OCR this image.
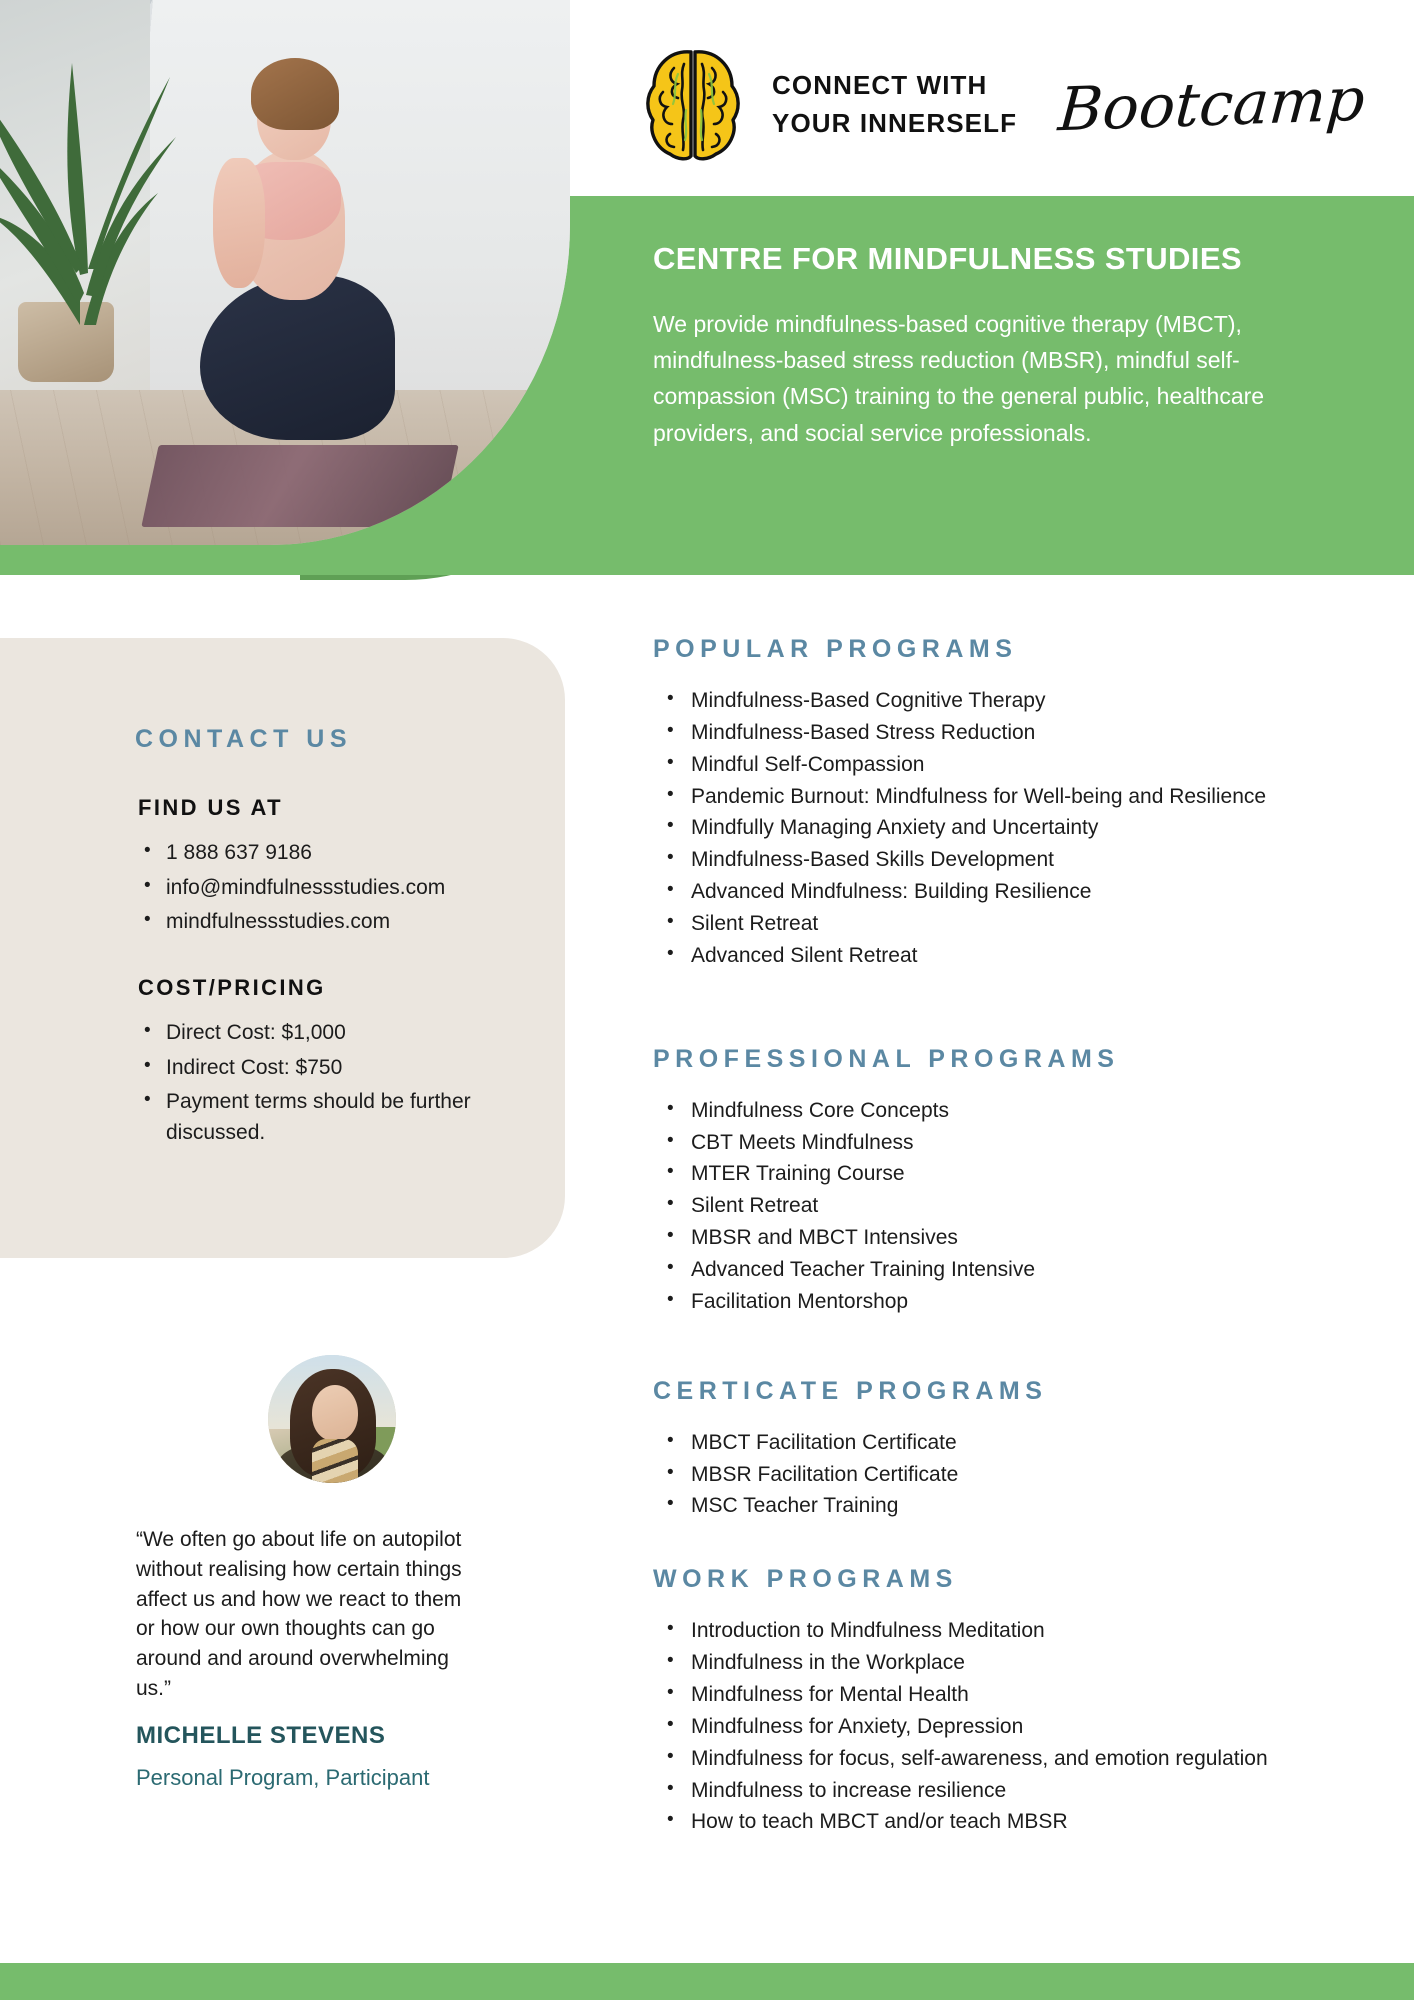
CONNECT WITH
YOUR INNERSELF Bootcamp
CENTRE FOR MINDFULNESS STUDIES
We provide mindfulness-based cognitive therapy (MBCT), mindfulness-based stress reduction (MBSR), mindful self-compassion (MSC) training to the general public, healthcare providers, and social service professionals.
CONTACT US
FIND US AT
• 1 888 637 9186
• info@mindfulnessstudies.com
• mindfulnessstudies.com
COST/PRICING
• Direct Cost: $1,000
• Indirect Cost: $750
• Payment terms should be further discussed.
“We often go about life on autopilot without realising how certain things affect us and how we react to them or how our own thoughts can go around and around overwhelming us.”
MICHELLE STEVENS
Personal Program, Participant
POPULAR PROGRAMS
• Mindfulness-Based Cognitive Therapy
• Mindfulness-Based Stress Reduction
• Mindful Self-Compassion
• Pandemic Burnout: Mindfulness for Well-being and Resilience
• Mindfully Managing Anxiety and Uncertainty
• Mindfulness-Based Skills Development
• Advanced Mindfulness: Building Resilience
• Silent Retreat
• Advanced Silent Retreat
PROFESSIONAL PROGRAMS
• Mindfulness Core Concepts
• CBT Meets Mindfulness
• MTER Training Course
• Silent Retreat
• MBSR and MBCT Intensives
• Advanced Teacher Training Intensive
• Facilitation Mentorshop
CERTICATE PROGRAMS
• MBCT Facilitation Certificate
• MBSR Facilitation Certificate
• MSC Teacher Training
WORK PROGRAMS
• Introduction to Mindfulness Meditation
• Mindfulness in the Workplace
• Mindfulness for Mental Health
• Mindfulness for Anxiety, Depression
• Mindfulness for focus, self-awareness, and emotion regulation
• Mindfulness to increase resilience
• How to teach MBCT and/or teach MBSR
